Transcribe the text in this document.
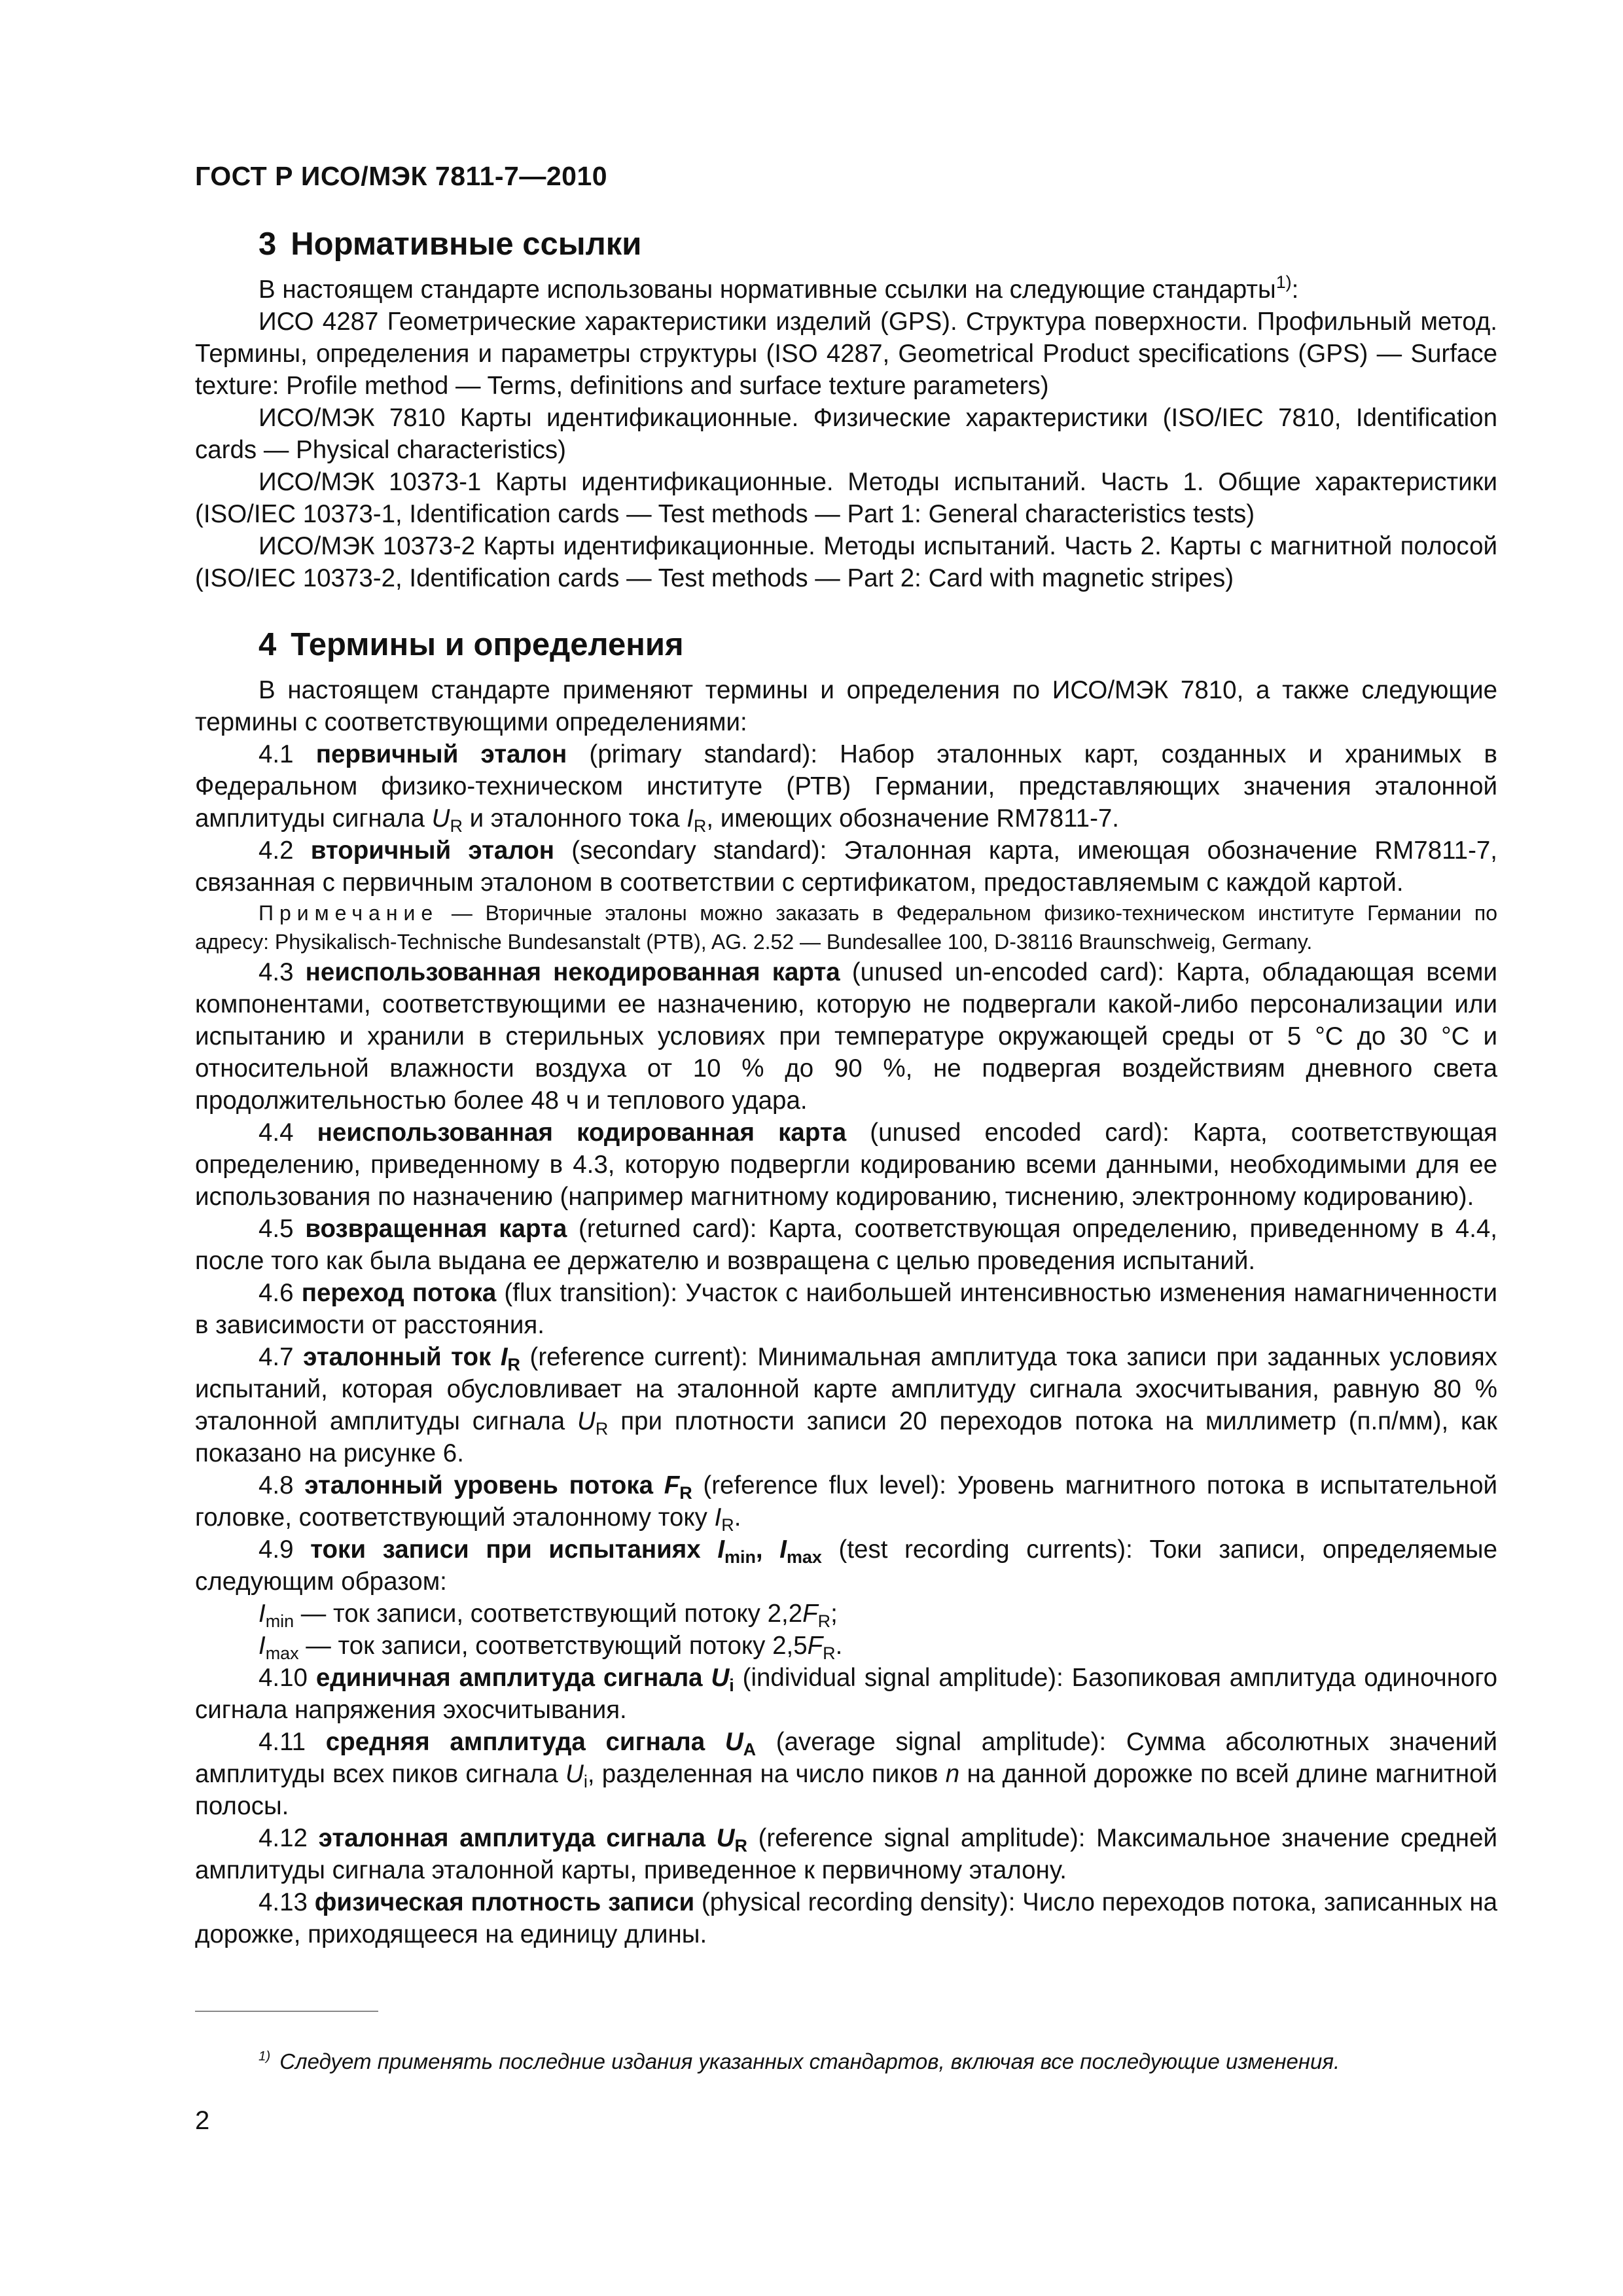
ГОСТ Р ИСО/МЭК 7811-7—2010
3 Нормативные ссылки

В настоящем стандарте использованы нормативные ссылки на следующие стандарты$^{1)}$:

ИСО 4287 Геометрические характеристики изделий (GPS). Структура поверхности. Профильный метод. Термины, определения и параметры структуры (ISO 4287, Geometrical Product specifications (GPS) — Surface texture: Profile method — Terms, definitions and surface texture parameters)

ИСО/МЭК 7810 Карты идентификационные. Физические характеристики (ISO/IEC 7810, Identification cards — Physical characteristics)

ИСО/МЭК 10373-1 Карты идентификационные. Методы испытаний. Часть 1. Общие характеристики (ISO/IEC 10373-1, Identification cards — Test methods — Part 1: General characteristics tests)

ИСО/МЭК 10373-2 Карты идентификационные. Методы испытаний. Часть 2. Карты с магнитной полосой (ISO/IEC 10373-2, Identification cards — Test methods — Part 2: Card with magnetic stripes)

4 Термины и определения

В настоящем стандарте применяют термины и определения по ИСО/МЭК 7810, а также следующие термины с соответствующими определениями:

4.1 первичный эталон (primary standard): Набор эталонных карт, созданных и хранимых в Федеральном физико-техническом институте (РТВ) Германии, представляющих значения эталонной амплитуды сигнала $U_R$ и эталонного тока $I_R$, имеющих обозначение RM7811-7.

4.2 вторичный эталон (secondary standard): Эталонная карта, имеющая обозначение RM7811-7, связанная с первичным эталоном в соответствии с сертификатом, предоставляемым с каждой картой.

Примечание — Вторичные эталоны можно заказать в Федеральном физико-техническом институте Германии по адресу: Physikalisch-Technische Bundesanstalt (PTB), AG. 2.52 — Bundesallee 100, D-38116 Braunschweig, Germany.

4.3 неиспользованная некодированная карта (unused un-encoded card): Карта, обладающая всеми компонентами, соответствующими ее назначению, которую не подвергали какой-либо персонализации или испытанию и хранили в стерильных условиях при температуре окружающей среды от 5 °C до 30 °C и относительной влажности воздуха от 10 % до 90 %, не подвергая воздействиям дневного света продолжительностью более 48 ч и теплового удара.

4.4 неиспользованная кодированная карта (unused encoded card): Карта, соответствующая определению, приведенному в 4.3, которую подвергли кодированию всеми данными, необходимыми для ее использования по назначению (например магнитному кодированию, тиснению, электронному кодированию).

4.5 возвращенная карта (returned card): Карта, соответствующая определению, приведенному в 4.4, после того как была выдана ее держателю и возвращена с целью проведения испытаний.

4.6 переход потока (flux transition): Участок с наибольшей интенсивностью изменения намагниченности в зависимости от расстояния.

4.7 эталонный ток $I_R$ (reference current): Минимальная амплитуда тока записи при заданных условиях испытаний, которая обусловливает на эталонной карте амплитуду сигнала эхосчитывания, равную 80 % эталонной амплитуды сигнала $U_R$ при плотности записи 20 переходов потока на миллиметр (п.п/мм), как показано на рисунке 6.

4.8 эталонный уровень потока $F_R$ (reference flux level): Уровень магнитного потока в испытательной головке, соответствующий эталонному току $I_R$.

4.9 токи записи при испытаниях $I_{min}$, $I_{max}$ (test recording currents): Токи записи, определяемые следующим образом:

$I_{min}$ — ток записи, соответствующий потоку $2,2F_R$;

$I_{max}$ — ток записи, соответствующий потоку $2,5F_R$.

4.10 единичная амплитуда сигнала $U_i$ (individual signal amplitude): Базопиковая амплитуда одиночного сигнала напряжения эхосчитывания.

4.11 средняя амплитуда сигнала $U_A$ (average signal amplitude): Сумма абсолютных значений амплитуды всех пиков сигнала $U_i$, разделенная на число пиков n на данной дорожке по всей длине магнитной полосы.

4.12 эталонная амплитуда сигнала $U_R$ (reference signal amplitude): Максимальное значение средней амплитуды сигнала эталонной карты, приведенное к первичному эталону.

4.13 физическая плотность записи (physical recording density): Число переходов потока, записанных на дорожке, приходящееся на единицу длины.

$^{1)}$ Следует применять последние издания указанных стандартов, включая все последующие изменения.
2
